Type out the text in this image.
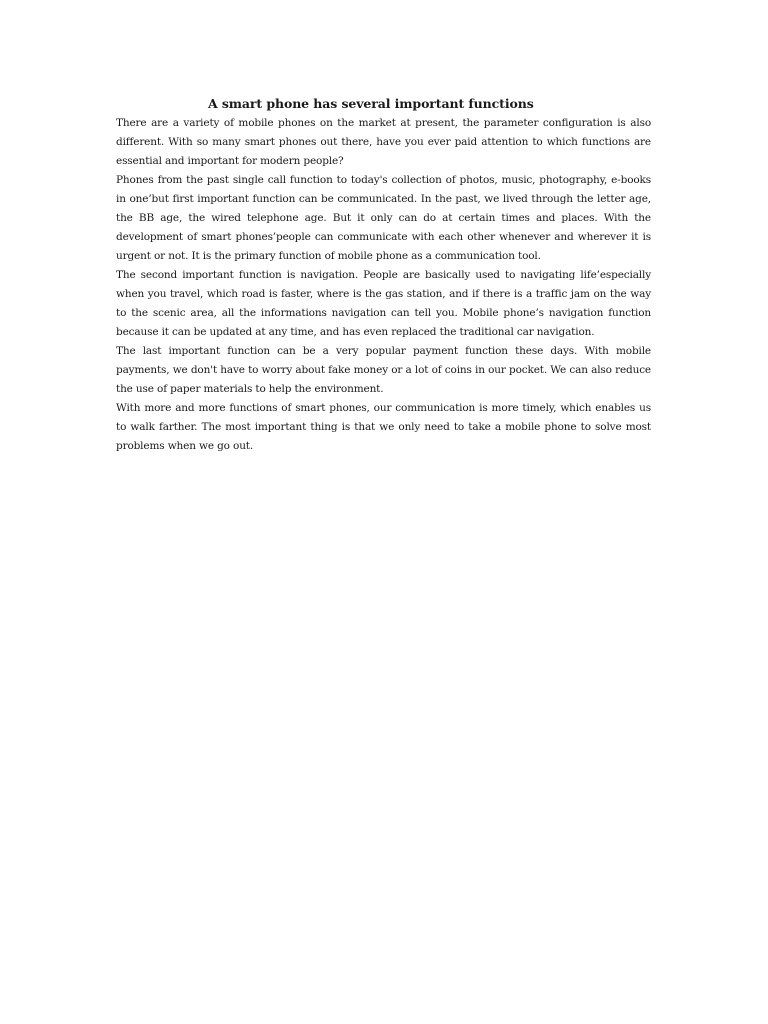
A smart phone has several important functions

There are a variety of mobile phones on the market at present, the parameter configuration is also different. With so many smart phones out there, have you ever paid attention to which functions are essential and important for modern people?

Phones from the past single call function to today's collection of photos, music, photography, e-books in one’but first important function can be communicated. In the past, we lived through the letter age, the BB age, the wired telephone age. But it only can do at certain times and places. With the development of smart phones’people can communicate with each other whenever and wherever it is urgent or not. It is the primary function of mobile phone as a communication tool.

The second important function is navigation. People are basically used to navigating life’especially when you travel, which road is faster, where is the gas station, and if there is a traffic jam on the way to the scenic area, all the informations navigation can tell you. Mobile phone’s navigation function because it can be updated at any time, and has even replaced the traditional car navigation.

The last important function can be a very popular payment function these days. With mobile payments, we don't have to worry about fake money or a lot of coins in our pocket. We can also reduce the use of paper materials to help the environment.

With more and more functions of smart phones, our communication is more timely, which enables us to walk farther. The most important thing is that we only need to take a mobile phone to solve most problems when we go out.
